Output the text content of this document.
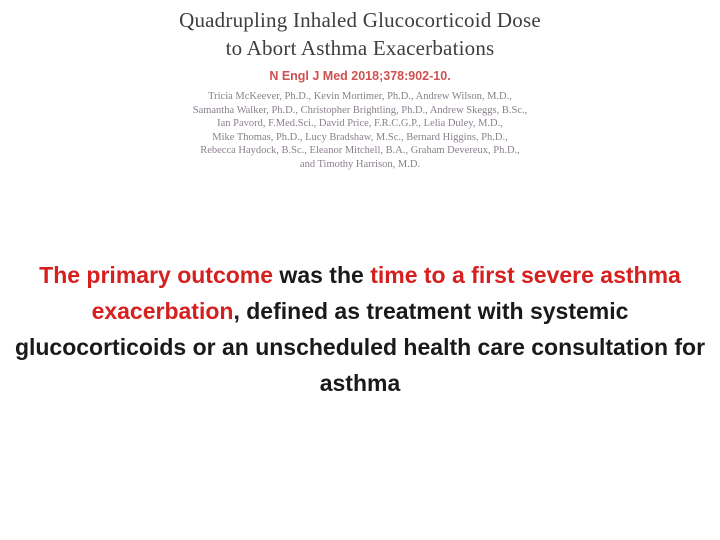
Quadrupling Inhaled Glucocorticoid Dose
to Abort Asthma Exacerbations
N Engl J Med 2018;378:902-10.
Tricia McKeever, Ph.D., Kevin Mortimer, Ph.D., Andrew Wilson, M.D.,
Samantha Walker, Ph.D., Christopher Brightling, Ph.D., Andrew Skeggs, B.Sc.,
Ian Pavord, F.Med.Sci., David Price, F.R.C.G.P., Lelia Duley, M.D.,
Mike Thomas, Ph.D., Lucy Bradshaw, M.Sc., Bernard Higgins, Ph.D.,
Rebecca Haydock, B.Sc., Eleanor Mitchell, B.A., Graham Devereux, Ph.D.,
and Timothy Harrison, M.D.

The primary outcome was the time to a first severe asthma exacerbation, defined as treatment with systemic glucocorticoids or an unscheduled health care consultation for asthma
